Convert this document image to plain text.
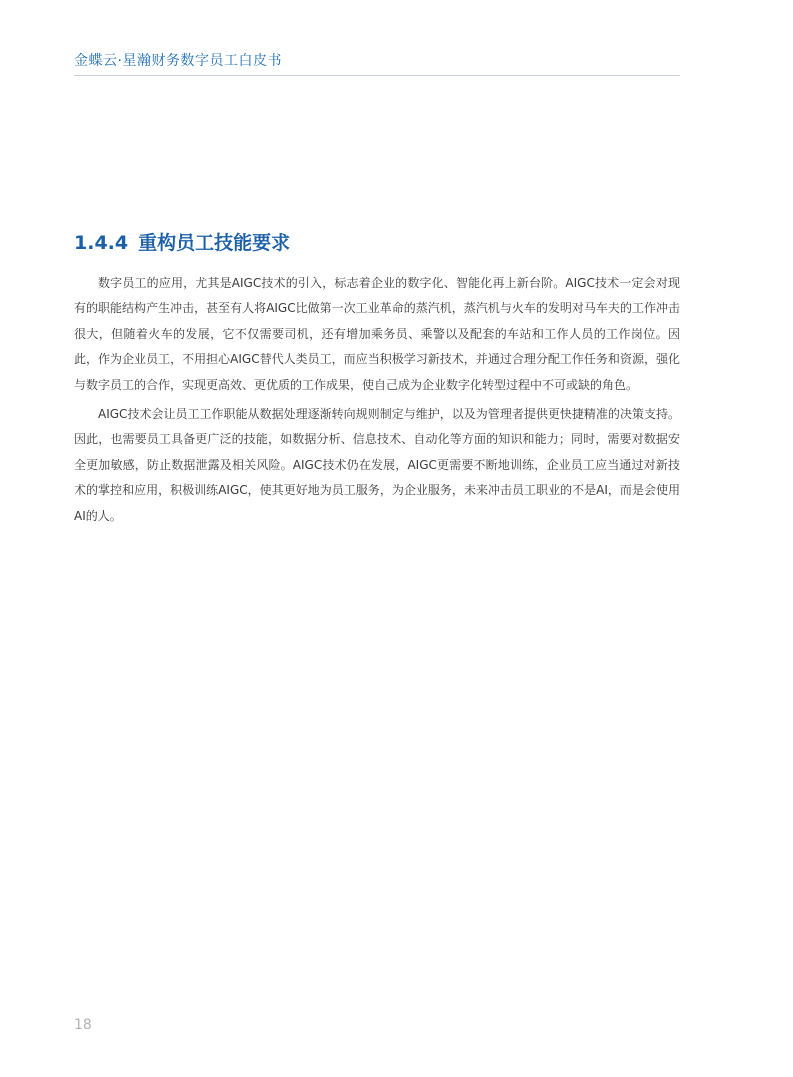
金蝶云·星瀚财务数字员工白皮书
1.4.4 重构员工技能要求

数字员工的应用，尤其是AIGC技术的引入，标志着企业的数字化、智能化再上新台阶。AIGC技术一定会对现有的职能结构产生冲击，甚至有人将AIGC比做第一次工业革命的蒸汽机，蒸汽机与火车的发明对马车夫的工作冲击很大，但随着火车的发展，它不仅需要司机，还有增加乘务员、乘警以及配套的车站和工作人员的工作岗位。因此，作为企业员工，不用担心AIGC替代人类员工，而应当积极学习新技术，并通过合理分配工作任务和资源，强化与数字员工的合作，实现更高效、更优质的工作成果，使自己成为企业数字化转型过程中不可或缺的角色。

AIGC技术会让员工工作职能从数据处理逐渐转向规则制定与维护，以及为管理者提供更快捷精准的决策支持。因此，也需要员工具备更广泛的技能，如数据分析、信息技术、自动化等方面的知识和能力；同时，需要对数据安全更加敏感，防止数据泄露及相关风险。AIGC技术仍在发展，AIGC更需要不断地训练，企业员工应当通过对新技术的掌控和应用，积极训练AIGC，使其更好地为员工服务，为企业服务，未来冲击员工职业的不是AI，而是会使用AI的人。

18
